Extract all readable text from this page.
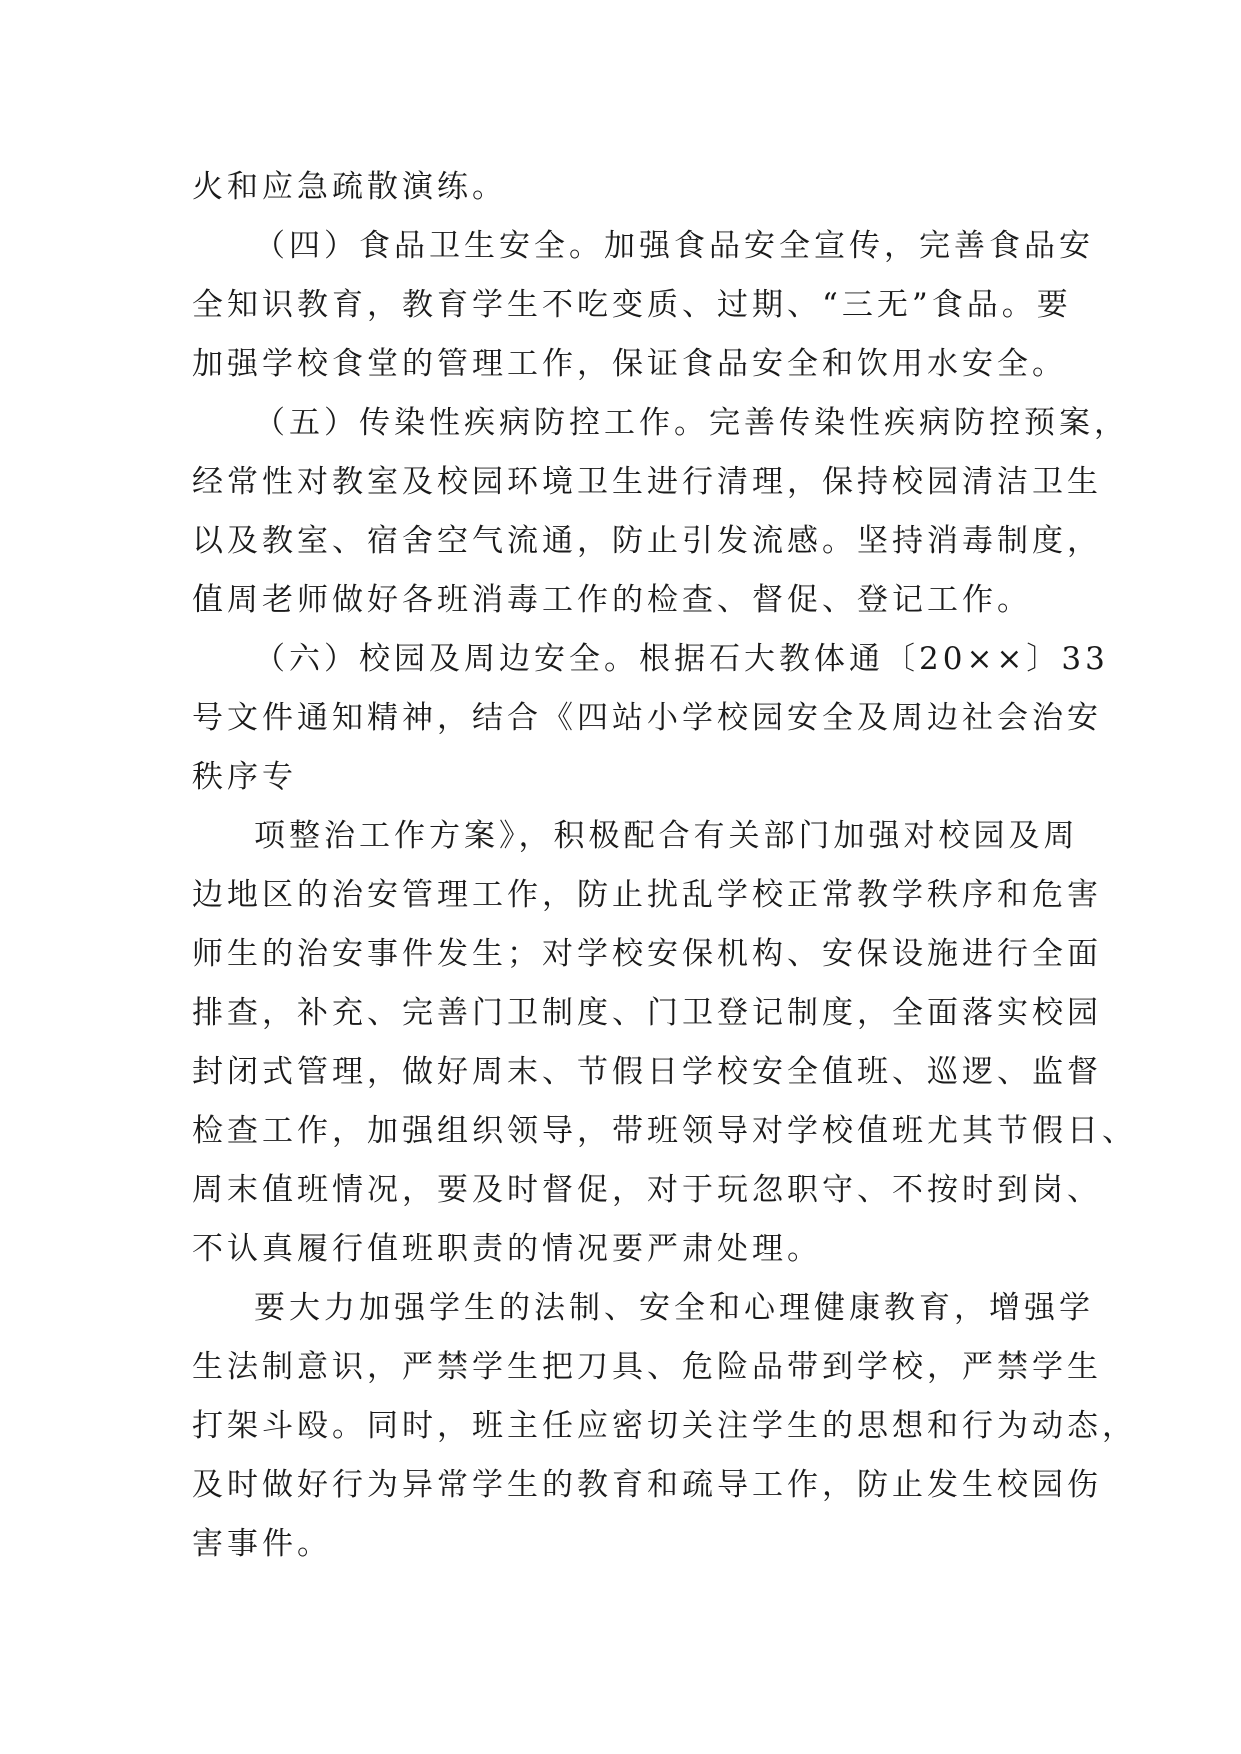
火和应急疏散演练。
（四）食品卫生安全。加强食品安全宣传，完善食品安
全知识教育，教育学生不吃变质、过期、“三无”食品。要
加强学校食堂的管理工作，保证食品安全和饮用水安全。
（五）传染性疾病防控工作。完善传染性疾病防控预案，
经常性对教室及校园环境卫生进行清理，保持校园清洁卫生
以及教室、宿舍空气流通，防止引发流感。坚持消毒制度，
值周老师做好各班消毒工作的检查、督促、登记工作。
（六）校园及周边安全。根据石大教体通〔20××〕33
号文件通知精神，结合《四站小学校园安全及周边社会治安
秩序专
项整治工作方案》，积极配合有关部门加强对校园及周
边地区的治安管理工作，防止扰乱学校正常教学秩序和危害
师生的治安事件发生；对学校安保机构、安保设施进行全面
排查，补充、完善门卫制度、门卫登记制度，全面落实校园
封闭式管理，做好周末、节假日学校安全值班、巡逻、监督
检查工作，加强组织领导，带班领导对学校值班尤其节假日、
周末值班情况，要及时督促，对于玩忽职守、不按时到岗、
不认真履行值班职责的情况要严肃处理。
要大力加强学生的法制、安全和心理健康教育，增强学
生法制意识，严禁学生把刀具、危险品带到学校，严禁学生
打架斗殴。同时，班主任应密切关注学生的思想和行为动态，
及时做好行为异常学生的教育和疏导工作，防止发生校园伤
害事件。
